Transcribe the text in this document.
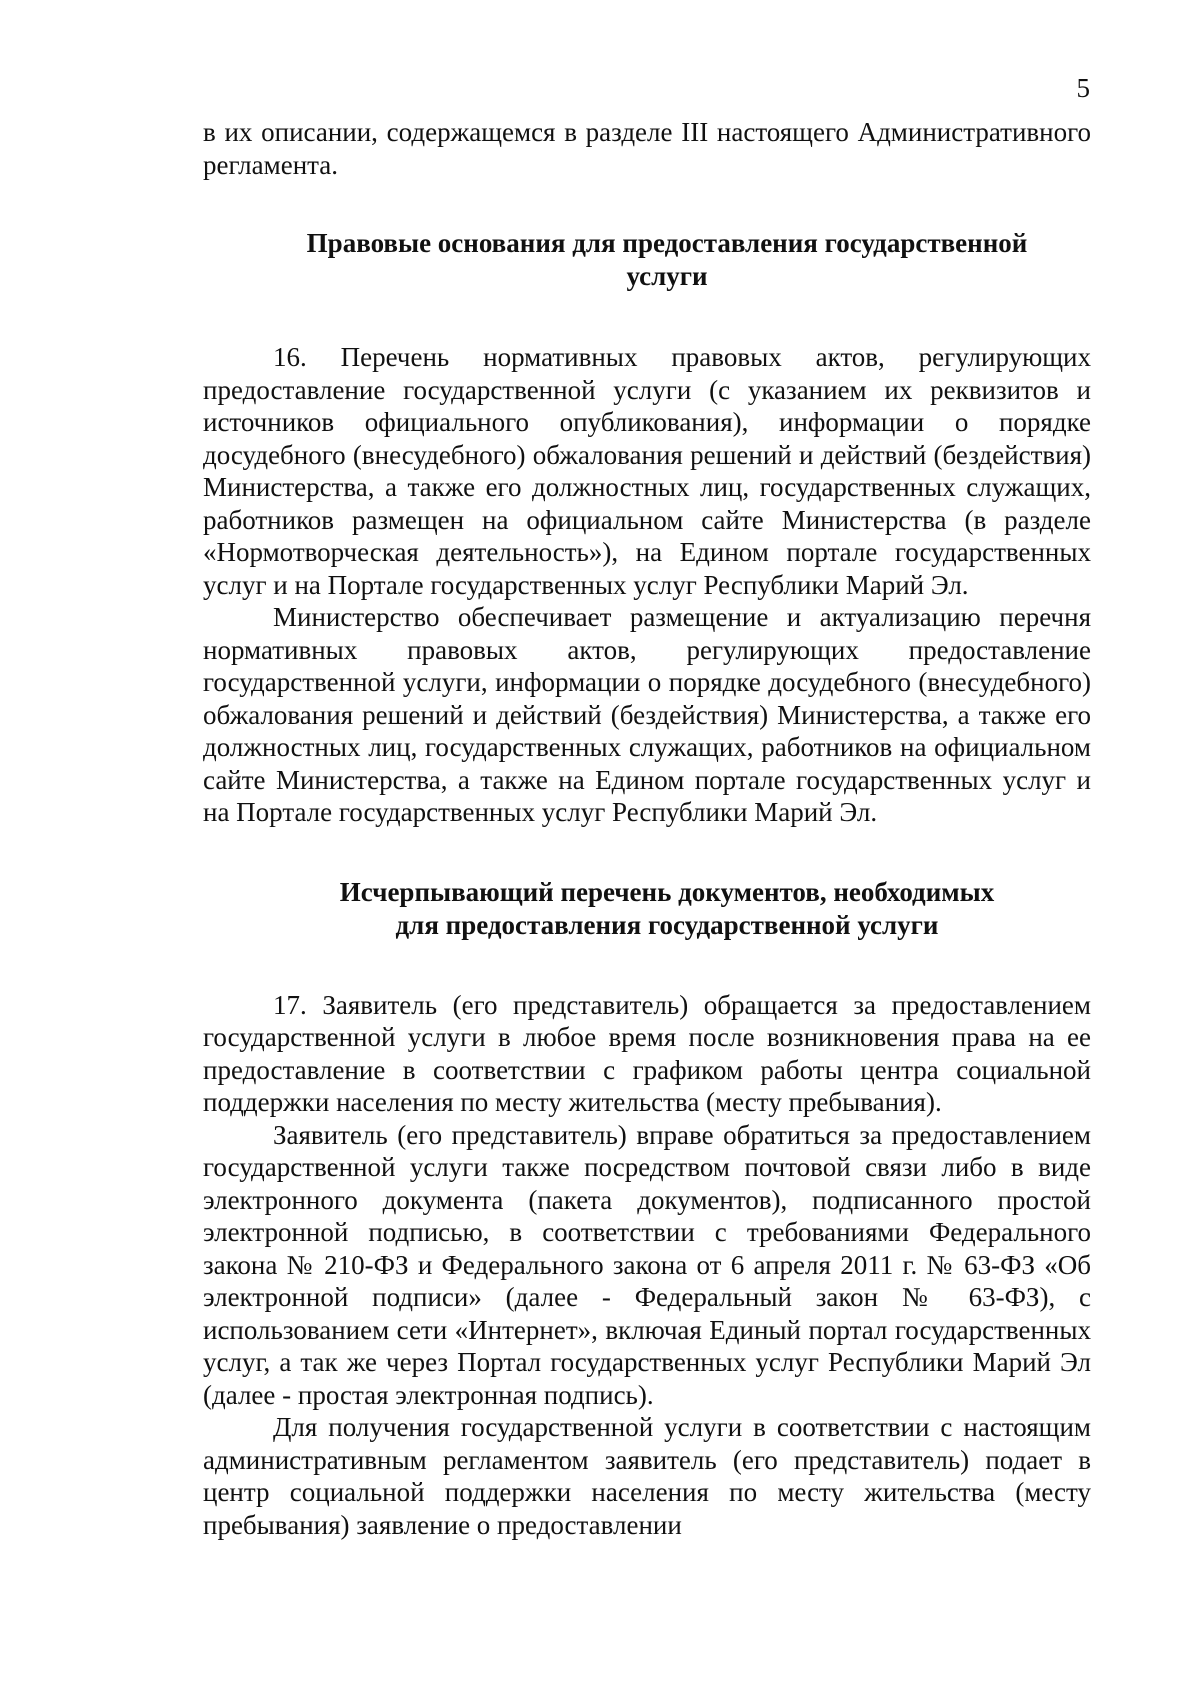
5

в их описании, содержащемся в разделе III настоящего Административного регламента.

Правовые основания для предоставления государственной
услуги

16. Перечень нормативных правовых актов, регулирующих предоставление государственной услуги (с указанием их реквизитов и источников официального опубликования), информации о порядке досудебного (внесудебного) обжалования решений и действий (бездействия) Министерства, а также его должностных лиц, государственных служащих, работников размещен на официальном сайте Министерства (в разделе «Нормотворческая деятельность»), на Едином портале государственных услуг и на Портале государственных услуг Республики Марий Эл.

Министерство обеспечивает размещение и актуализацию перечня нормативных правовых актов, регулирующих предоставление государственной услуги, информации о порядке досудебного (внесудебного) обжалования решений и действий (бездействия) Министерства, а также его должностных лиц, государственных служащих, работников на официальном сайте Министерства, а также на Едином портале государственных услуг и на Портале государственных услуг Республики Марий Эл.

Исчерпывающий перечень документов, необходимых
для предоставления государственной услуги

17. Заявитель (его представитель) обращается за предоставлением государственной услуги в любое время после возникновения права на ее предоставление в соответствии с графиком работы центра социальной поддержки населения по месту жительства (месту пребывания).

Заявитель (его представитель) вправе обратиться за предоставлением государственной услуги также посредством почтовой связи либо в виде электронного документа (пакета документов), подписанного простой электронной подписью, в соответствии с требованиями Федерального закона № 210-ФЗ и Федерального закона от 6 апреля 2011 г. № 63-ФЗ «Об электронной подписи» (далее - Федеральный закон № 63-ФЗ), с использованием сети «Интернет», включая Единый портал государственных услуг, а так же через Портал государственных услуг Республики Марий Эл (далее - простая электронная подпись).

Для получения государственной услуги в соответствии с настоящим административным регламентом заявитель (его представитель) подает в центр социальной поддержки населения по месту жительства (месту пребывания) заявление о предоставлении
